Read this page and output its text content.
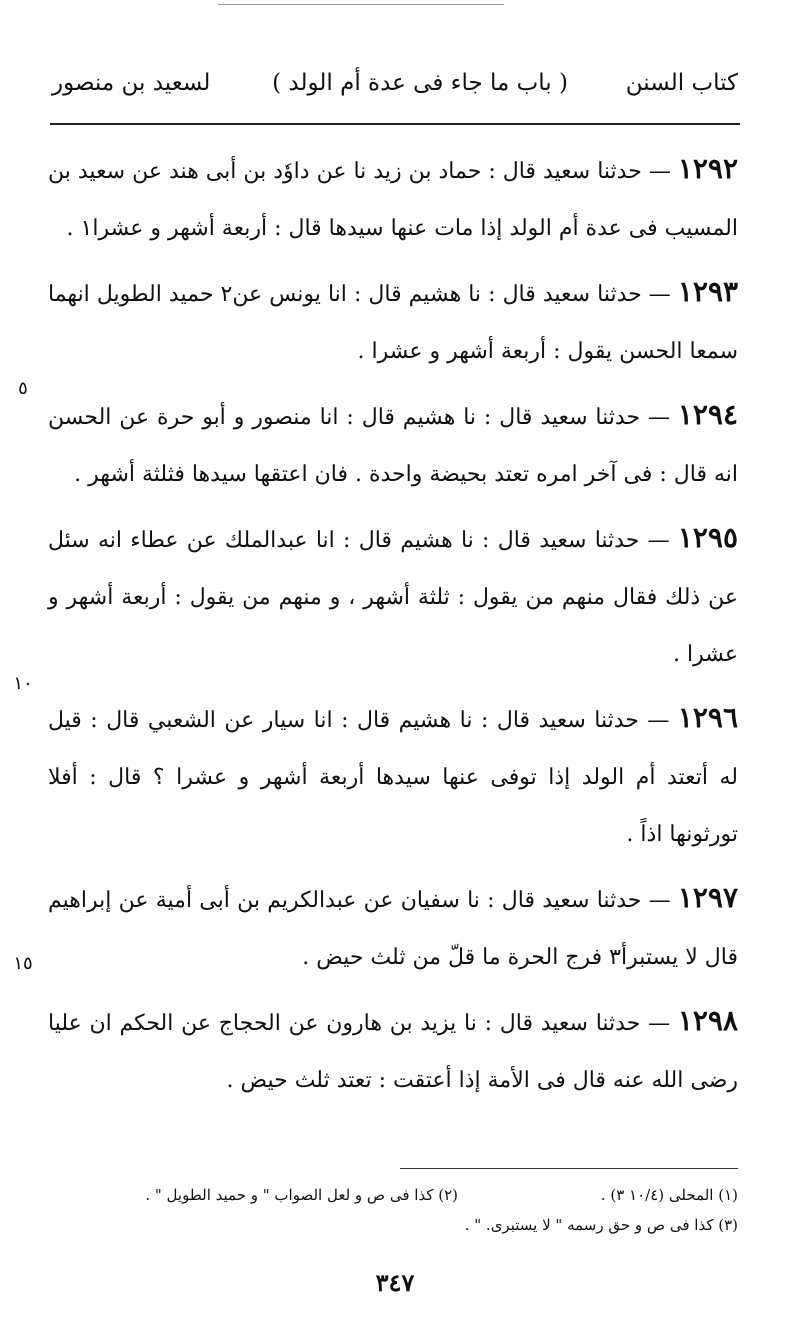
كتاب السنن
( باب ما جاء فى عدة أم الولد )
لسعيد بن منصور

١٢٩٢ — حدثنا سعيد قال : حماد بن زيد نا عن داوٗد بن أبى هند عن سعيد بن المسيب فى عدة أم الولد إذا مات عنها سيدها قال : أربعة أشهر و عشرا١ .

١٢٩٣ — حدثنا سعيد قال : نا هشيم قال : انا يونس عن٢ حميد الطويل انهما سمعا الحسن يقول : أربعة أشهر و عشرا .

١٢٩٤ — حدثنا سعيد قال : نا هشيم قال : انا منصور و أبو حرة عن الحسن انه قال : فى آخر امره تعتد بحيضة واحدة . فان اعتقها سيدها فثلثة أشهر .

١٢٩٥ — حدثنا سعيد قال : نا هشيم قال : انا عبدالملك عن عطاء انه سئل عن ذلك فقال منهم من يقول : ثلثة أشهر ، و منهم من يقول : أربعة أشهر و عشرا .

١٢٩٦ — حدثنا سعيد قال : نا هشيم قال : انا سيار عن الشعبي قال : قيل له أتعتد أم الولد إذا توفى عنها سيدها أربعة أشهر و عشرا ؟ قال : أفلا تورثونها اذاً .

١٢٩٧ — حدثنا سعيد قال : نا سفيان عن عبدالكريم بن أبى أمية عن إبراهيم قال لا يستبرأ٣ فرج الحرة ما قلّ من ثلث حيض .

١٢٩٨ — حدثنا سعيد قال : نا يزيد بن هارون عن الحجاج عن الحكم ان عليا رضى الله عنه قال فى الأمة إذا أعتقت : تعتد ثلث حيض .

٥
١٠
١٥
(١) المحلى (١٠/٤ ٣) .
(٢) كذا فى ص و لعل الصواب " و حميد الطويل " .
(٣) كذا فى ص و حق رسمه " لا يستبرى. " .
٣٤٧
